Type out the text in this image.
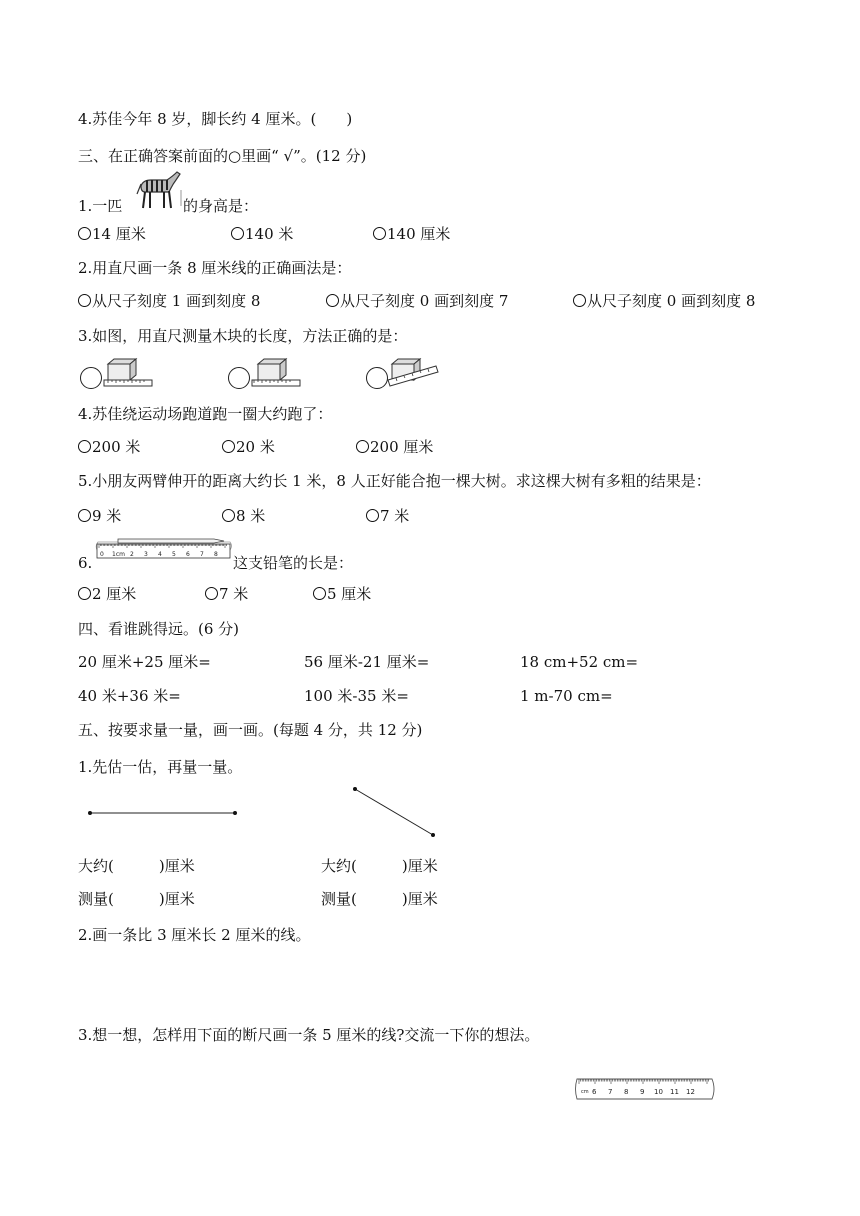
4.苏佳今年 8 岁，脚长约 4 厘米。(　　)
三、在正确答案前面的○里画“ √”。(12 分)
1.一匹	的身高是：
14 厘米	140 米	140 厘米
2.用直尺画一条 8 厘米线的正确画法是：
从尺子刻度 1 画到刻度 8	从尺子刻度 0 画到刻度 7	从尺子刻度 0 画到刻度 8
3.如图，用直尺测量木块的长度，方法正确的是：
4.苏佳绕运动场跑道跑一圈大约跑了：
200 米	20 米	200 厘米
5.小朋友两臂伸开的距离大约长 1 米，8 人正好能合抱一棵大树。求这棵大树有多粗的结果是：
9 米	8 米	7 米
6. 0 1cm 2 3 4 5 6 7 8 这支铅笔的长是：
2 厘米	7 米	5 厘米
四、看谁跳得远。(6 分)
20 厘米+25 厘米=	56 厘米-21 厘米=	18 cm+52 cm=
40 米+36 米=	100 米-35 米=	1 m-70 cm=
五、按要求量一量，画一画。(每题 4 分，共 12 分)
1.先估一估，再量一量。
大约(　　　)厘米	大约(　　　)厘米
测量(　　　)厘米	测量(　　　)厘米
2.画一条比 3 厘米长 2 厘米的线。
3.想一想，怎样用下面的断尺画一条 5 厘米的线?交流一下你的想法。
cm 6 7 8 9 10 11 12
